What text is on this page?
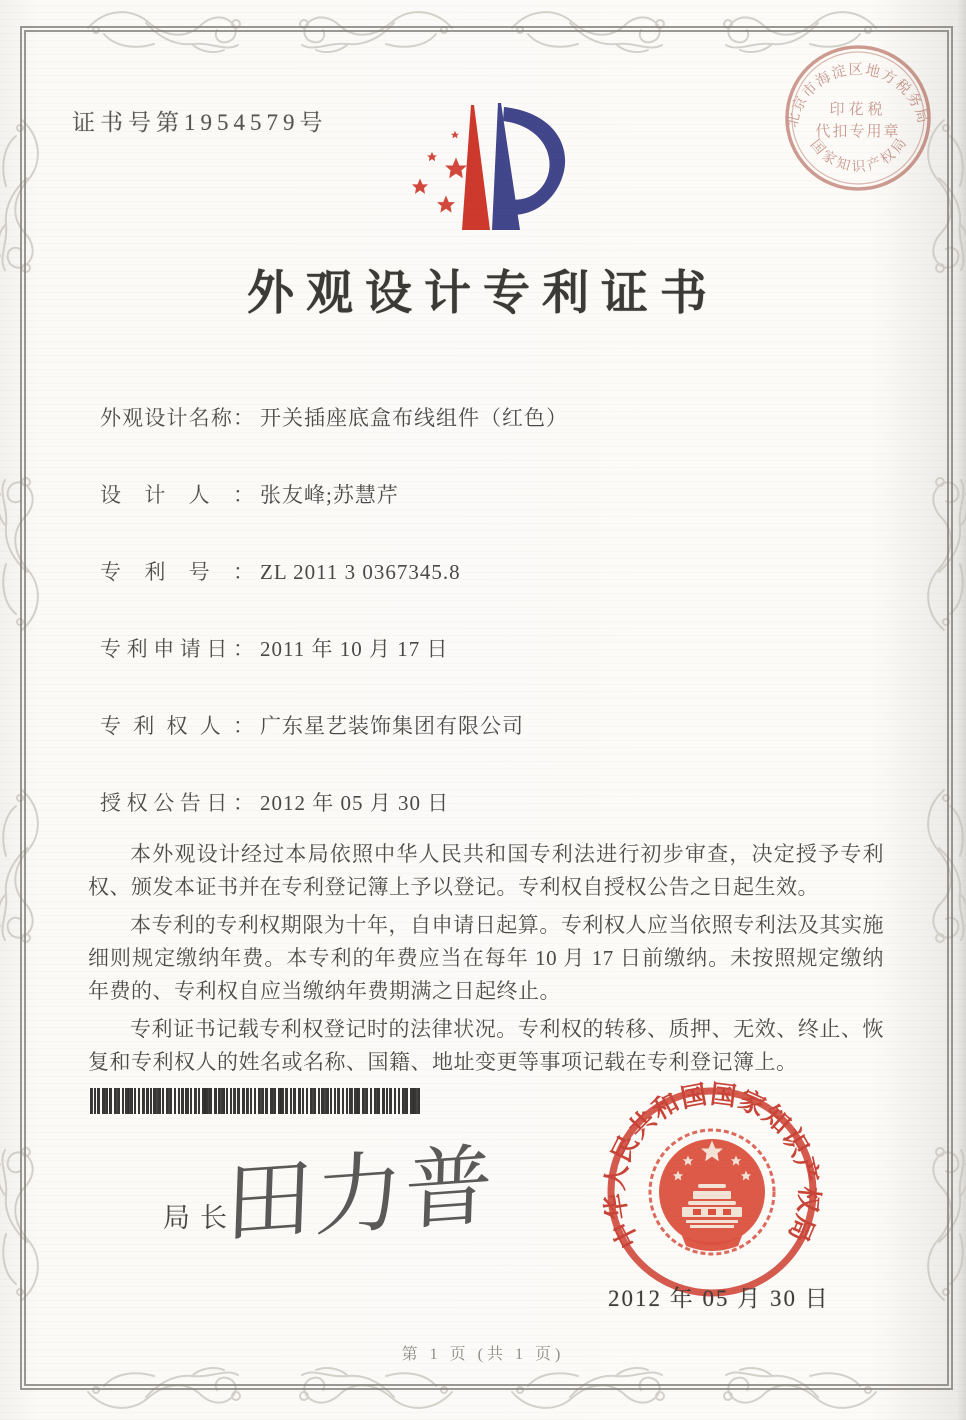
证书号第1954579号	北京市海淀区地方税务局
国家知识产权局
印花税
代扣专用章
外观设计专利证书
外观设计名称： 开关插座底盒布线组件（红色）
设计人： 张友峰;苏慧芹
专利号： ZL 2011 3 0367345.8
专利申请日： 2011 年 10 月 17 日
专利权人： 广东星艺装饰集团有限公司
授权公告日： 2012 年 05 月 30 日

本外观设计经过本局依照中华人民共和国专利法进行初步审查，决定授予专利权、颁发本证书并在专利登记簿上予以登记。专利权自授权公告之日起生效。

本专利的专利权期限为十年，自申请日起算。专利权人应当依照专利法及其实施细则规定缴纳年费。本专利的年费应当在每年 10 月 17 日前缴纳。未按照规定缴纳年费的、专利权自应当缴纳年费期满之日起终止。

专利证书记载专利权登记时的法律状况。专利权的转移、质押、无效、终止、恢复和专利权人的姓名或名称、国籍、地址变更等事项记载在专利登记簿上。

局长
田力普	中华人民共和国国家知识产权局
2012 年 05 月 30 日
第 1 页 (共 1 页)
